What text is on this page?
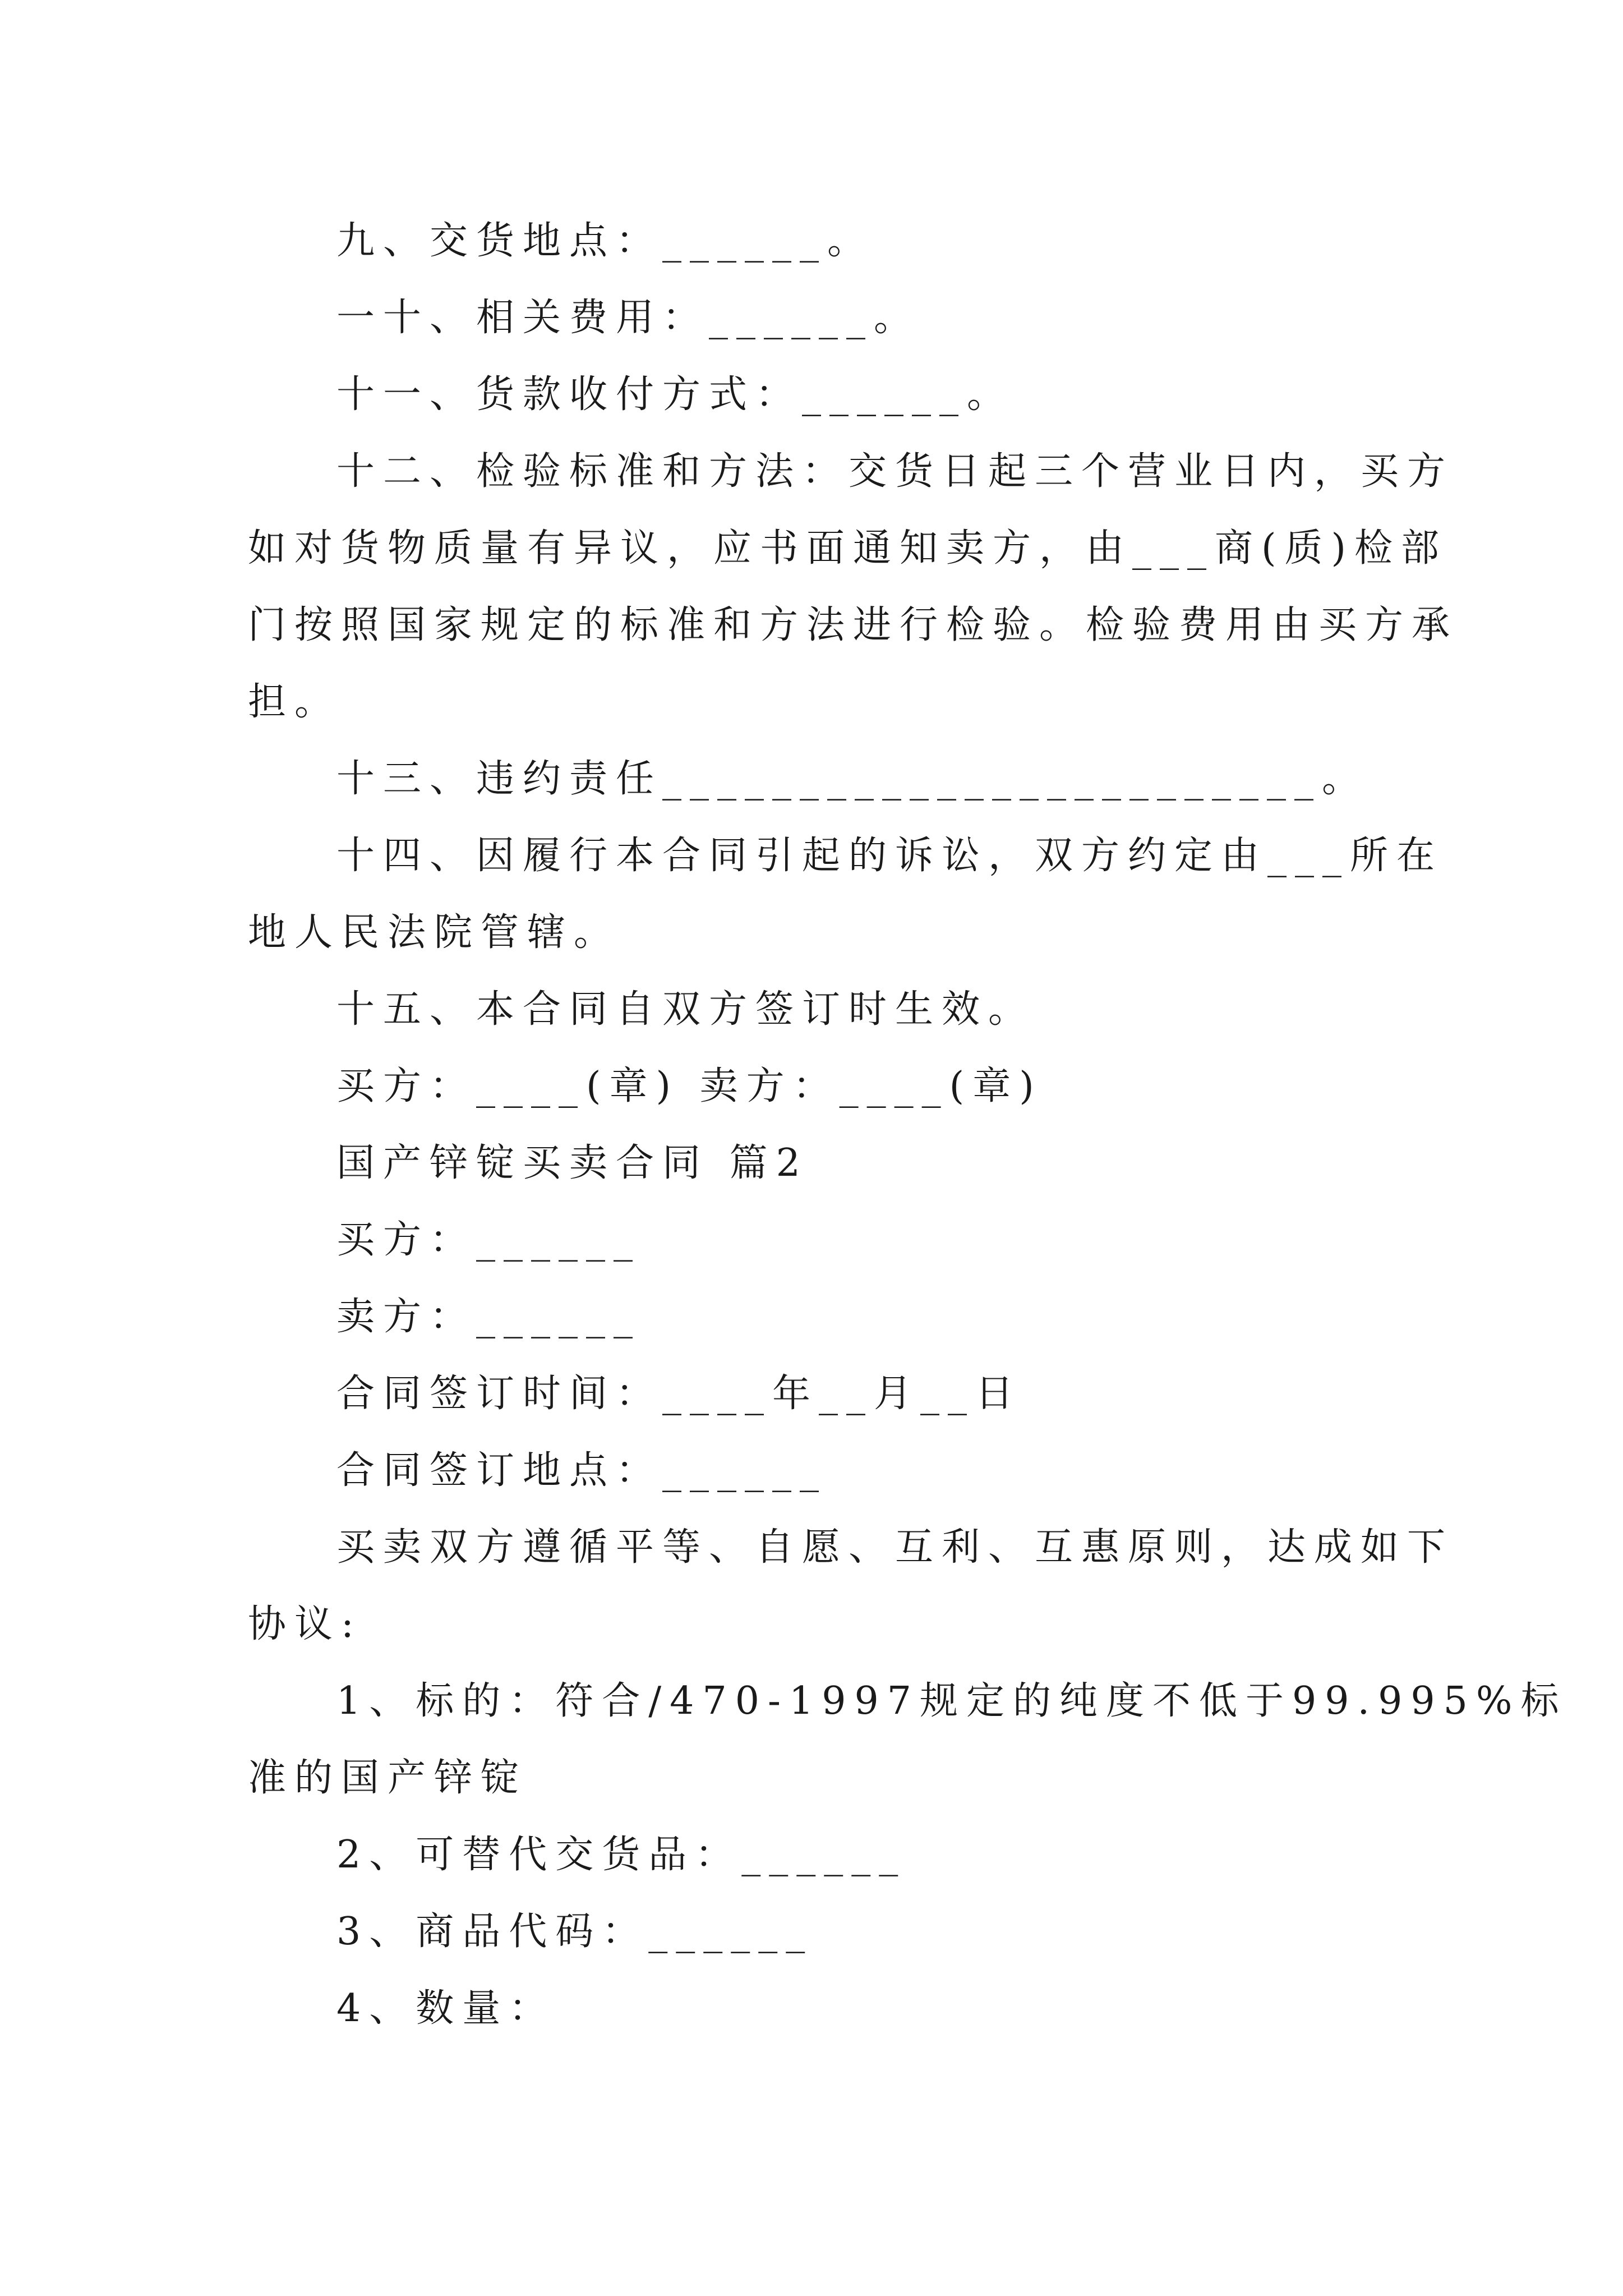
九、交货地点：______。
一十、相关费用：______。
十一、货款收付方式：______。
十二、检验标准和方法：交货日起三个营业日内，买方
如对货物质量有异议，应书面通知卖方，由___商(质)检部
门按照国家规定的标准和方法进行检验。检验费用由买方承
担。
十三、违约责任________________________。
十四、因履行本合同引起的诉讼，双方约定由___所在
地人民法院管辖。
十五、本合同自双方签订时生效。
买方：____(章) 卖方：____(章)
国产锌锭买卖合同 篇2
买方：______
卖方：______
合同签订时间：____年__月__日
合同签订地点：______
买卖双方遵循平等、自愿、互利、互惠原则，达成如下
协议:
1、标的：符合/470-1997规定的纯度不低于99.995%标
准的国产锌锭
2、可替代交货品：______
3、商品代码：______
4、数量：
